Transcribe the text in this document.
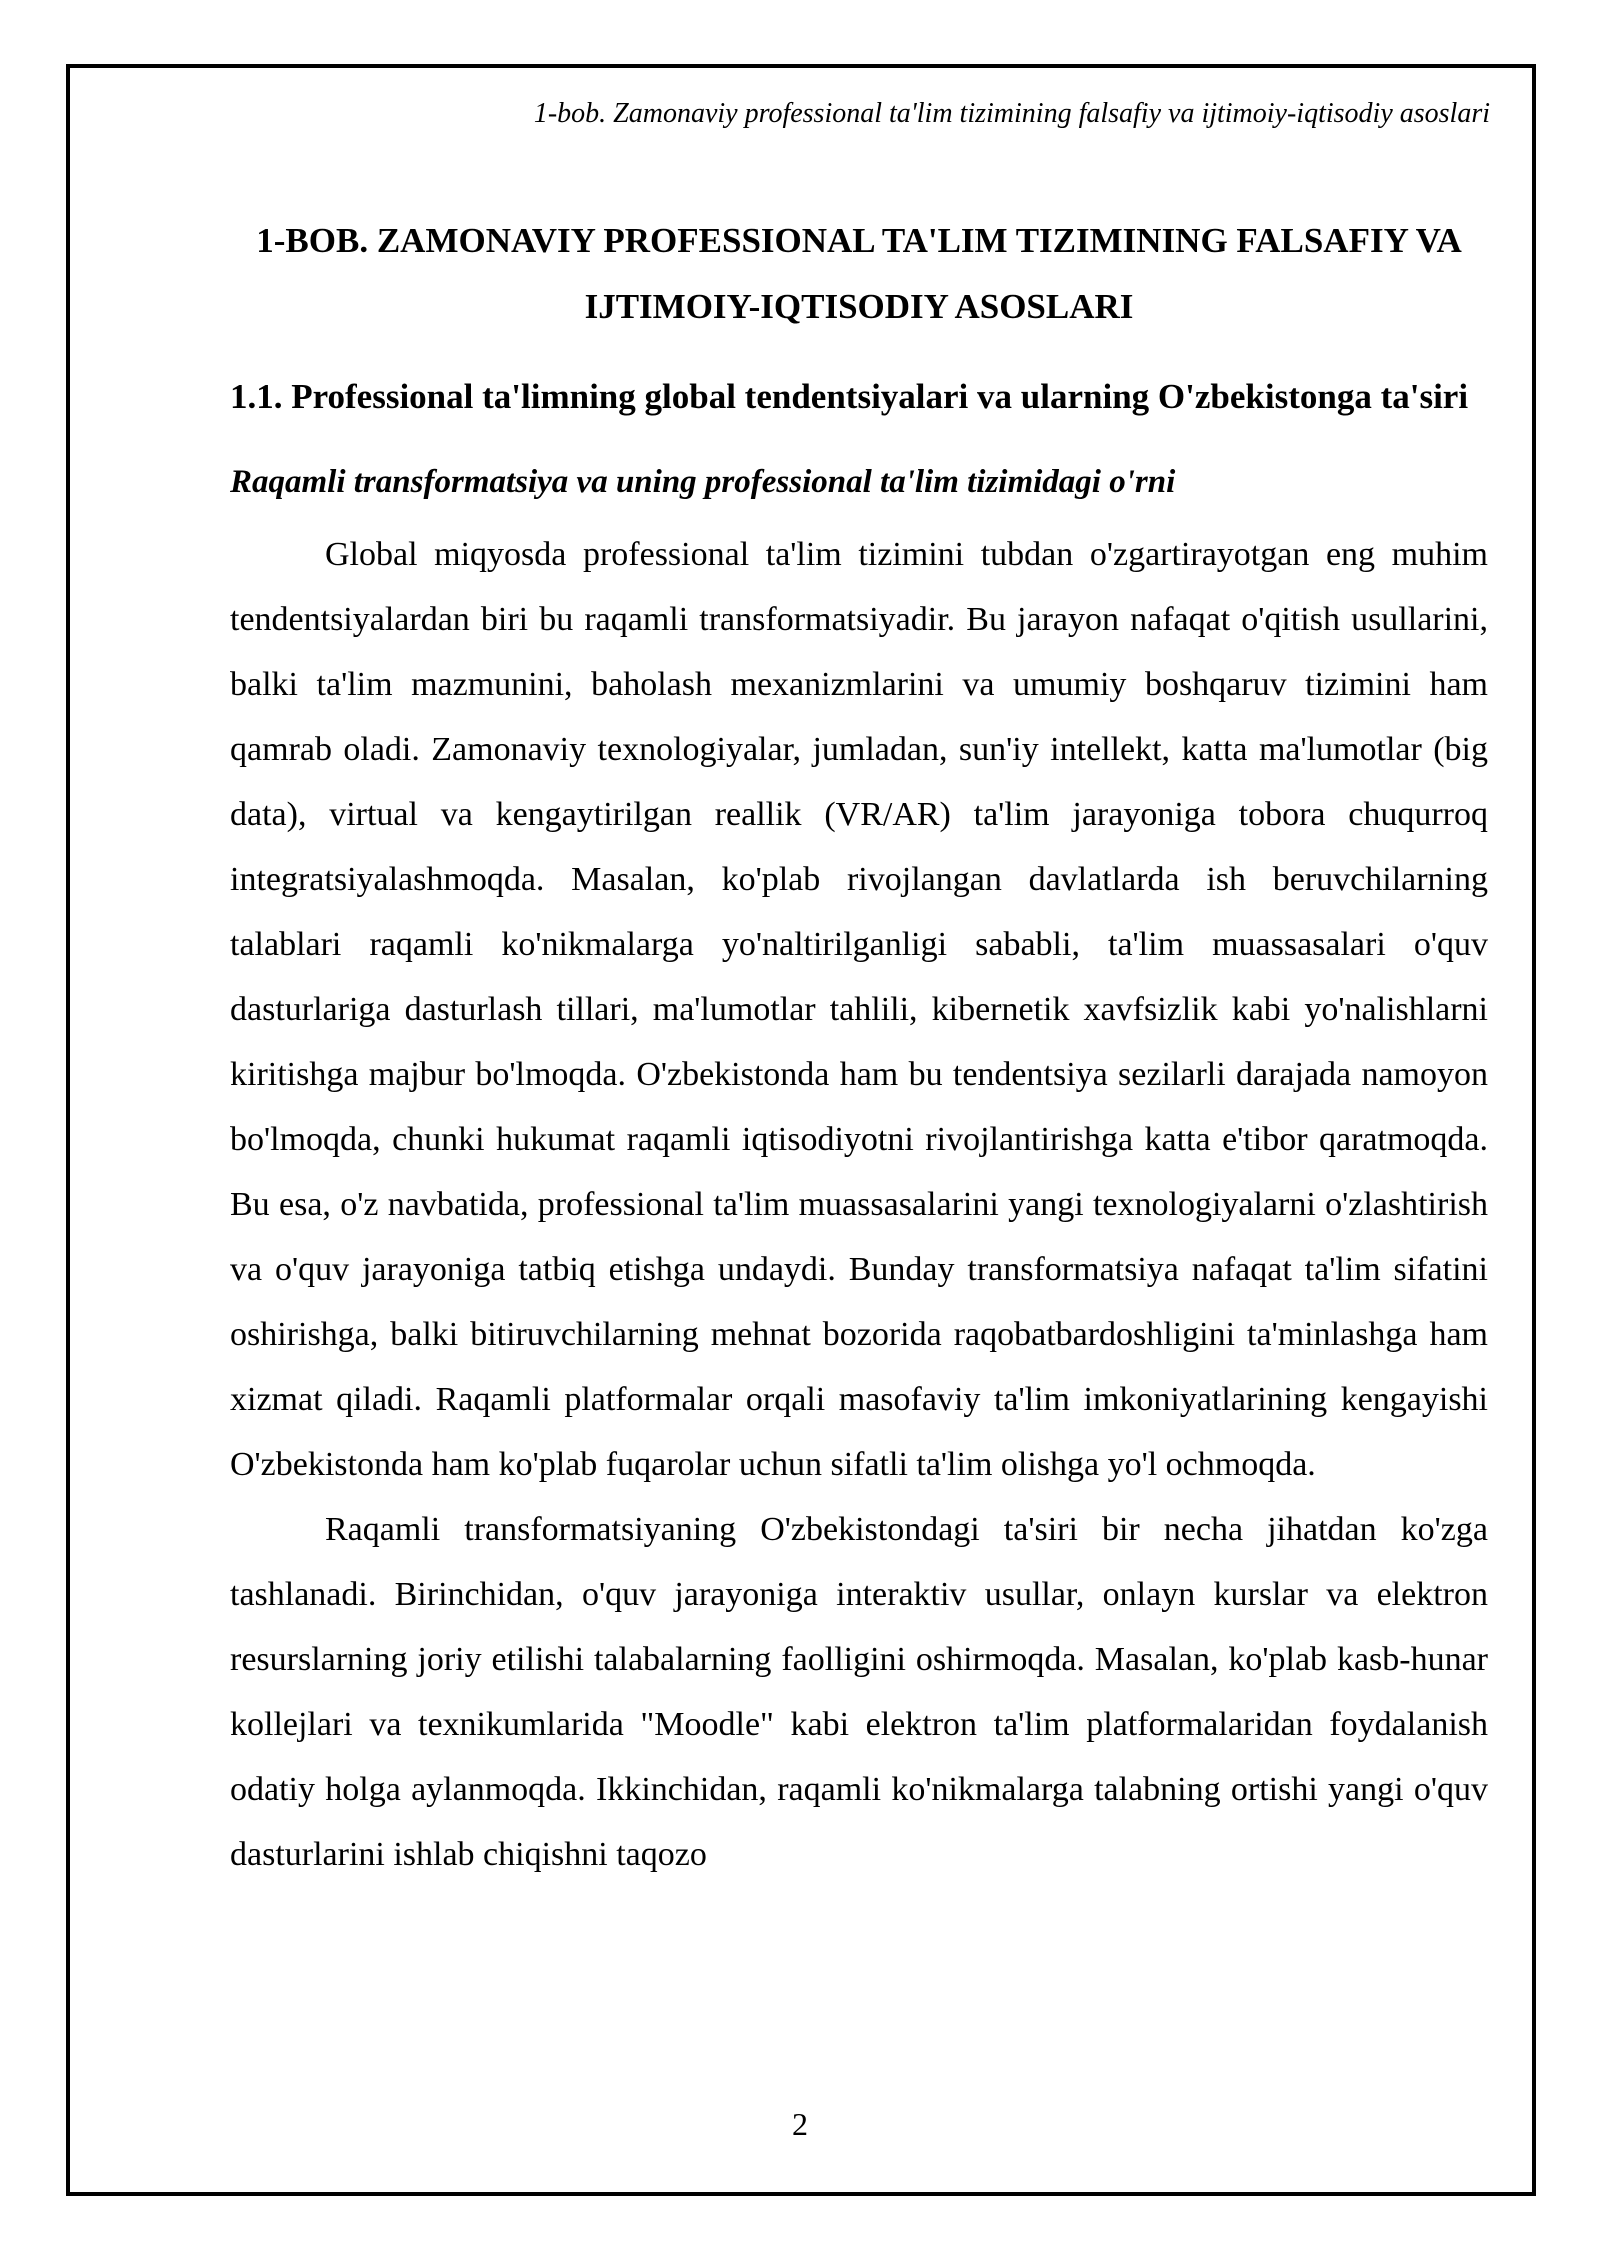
1-bob. Zamonaviy professional ta'lim tizimining falsafiy va ijtimoiy-iqtisodiy asoslari
1-BOB. ZAMONAVIY PROFESSIONAL TA'LIM TIZIMINING FALSAFIY VA IJTIMOIY-IQTISODIY ASOSLARI
1.1. Professional ta'limning global tendentsiyalari va ularning O'zbekistonga ta'siri
Raqamli transformatsiya va uning professional ta'lim tizimidagi o'rni

Global miqyosda professional ta'lim tizimini tubdan o'zgartirayotgan eng muhim tendentsiyalardan biri bu raqamli transformatsiyadir. Bu jarayon nafaqat o'qitish usullarini, balki ta'lim mazmunini, baholash mexanizmlarini va umumiy boshqaruv tizimini ham qamrab oladi. Zamonaviy texnologiyalar, jumladan, sun'iy intellekt, katta ma'lumotlar (big data), virtual va kengaytirilgan reallik (VR/AR) ta'lim jarayoniga tobora chuqurroq integratsiyalashmoqda. Masalan, ko'plab rivojlangan davlatlarda ish beruvchilarning talablari raqamli ko'nikmalarga yo'naltirilganligi sababli, ta'lim muassasalari o'quv dasturlariga dasturlash tillari, ma'lumotlar tahlili, kibernetik xavfsizlik kabi yo'nalishlarni kiritishga majbur bo'lmoqda. O'zbekistonda ham bu tendentsiya sezilarli darajada namoyon bo'lmoqda, chunki hukumat raqamli iqtisodiyotni rivojlantirishga katta e'tibor qaratmoqda. Bu esa, o'z navbatida, professional ta'lim muassasalarini yangi texnologiyalarni o'zlashtirish va o'quv jarayoniga tatbiq etishga undaydi. Bunday transformatsiya nafaqat ta'lim sifatini oshirishga, balki bitiruvchilarning mehnat bozorida raqobatbardoshligini ta'minlashga ham xizmat qiladi. Raqamli platformalar orqali masofaviy ta'lim imkoniyatlarining kengayishi O'zbekistonda ham ko'plab fuqarolar uchun sifatli ta'lim olishga yo'l ochmoqda.

Raqamli transformatsiyaning O'zbekistondagi ta'siri bir necha jihatdan ko'zga tashlanadi. Birinchidan, o'quv jarayoniga interaktiv usullar, onlayn kurslar va elektron resurslarning joriy etilishi talabalarning faolligini oshirmoqda. Masalan, ko'plab kasb-hunar kollejlari va texnikumlarida "Moodle" kabi elektron ta'lim platformalaridan foydalanish odatiy holga aylanmoqda. Ikkinchidan, raqamli ko'nikmalarga talabning ortishi yangi o'quv dasturlarini ishlab chiqishni taqozo

2
